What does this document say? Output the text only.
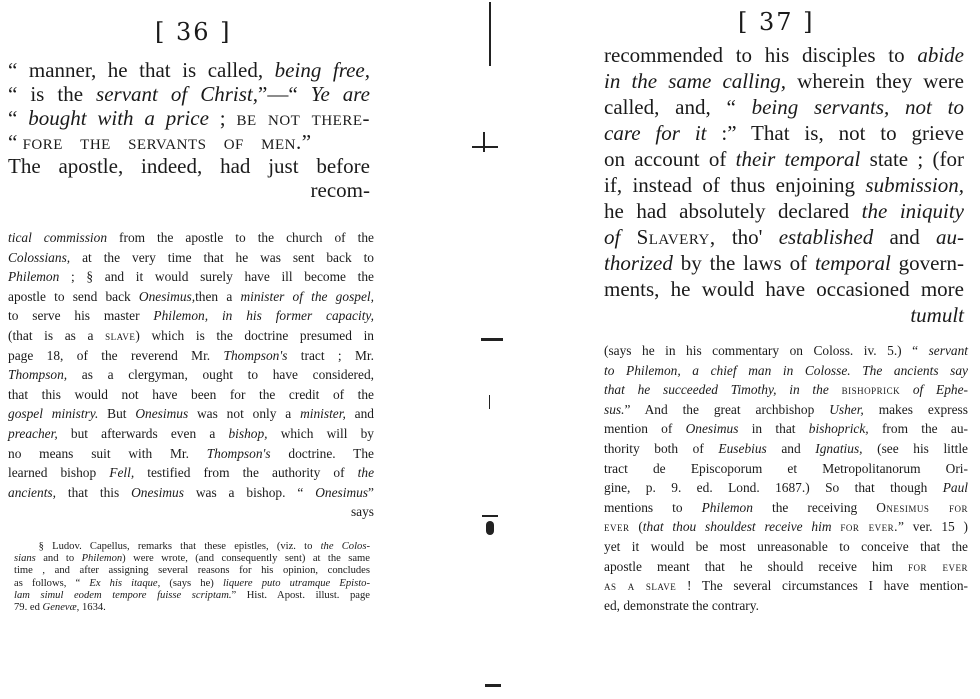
[ 36 ]
“ manner, he that is called, being free,
“ is the servant of Christ,”—“ Ye are
“ bought with a price ; be not there-
“ fore   the   servants   of   men.”
The apostle, indeed, had just before
recom-
tical commission from the apostle to the church of the
Colossians, at the very time that he was sent back to
Philemon ; § and it would surely have ill become the
apostle to send back Onesimus,then a minister of the gospel,
to serve his master Philemon, in his former capacity,
(that is as a slave) which is the doctrine presumed in
page 18, of the reverend Mr. Thompson's tract ; Mr.
Thompson, as a clergyman, ought to have considered,
that this would not have been for the credit of the
gospel ministry. But Onesimus was not only a minister, and
preacher, but afterwards even a bishop, which will by
no means suit with Mr. Thompson's doctrine. The
learned bishop Fell, testified from the authority of the
ancients, that this Onesimus was a bishop. “ Onesimus”
says
§ Ludov. Capellus, remarks that these epistles, (viz. to the Colos-
sians and to Philemon) were wrote, (and consequently sent) at the same
time , and after assigning several reasons for his opinion, concludes
as follows, “ Ex his itaque, (says he) liquere puto utramque Episto-
lam simul eodem tempore fuisse scriptam.” Hist. Apost. illust. page
79. ed Genevæ, 1634.
[ 37 ]
recommended to his disciples to abide
in the same calling, wherein they were
called, and, “ being servants, not to
care for it :” That is, not to grieve
on account of their temporal state ; (for
if, instead of thus enjoining submission,
he had absolutely declared the iniquity
of Slavery, tho' established and au-
thorized by the laws of temporal govern-
ments, he would have occasioned more
tumult
(says he in his commentary on Coloss. iv. 5.) “ servant
to Philemon, a chief man in Colosse. The ancients say
that he succeeded Timothy, in the bishoprick of Ephe-
sus.” And the great archbishop Usher, makes express
mention of Onesimus in that bishoprick, from the au-
thority both of Eusebius and Ignatius, (see his little
tract de Episcoporum et Metropolitanorum Ori-
gine, p. 9. ed. Lond. 1687.) So that though Paul
mentions to Philemon the receiving Onesimus for
ever (that thou shouldest receive him for ever.” ver. 15 )
yet it would be most unreasonable to conceive that the
apostle meant that he should receive him for ever
as a slave ! The several circumstances I have mention-
ed, demonstrate the contrary.
